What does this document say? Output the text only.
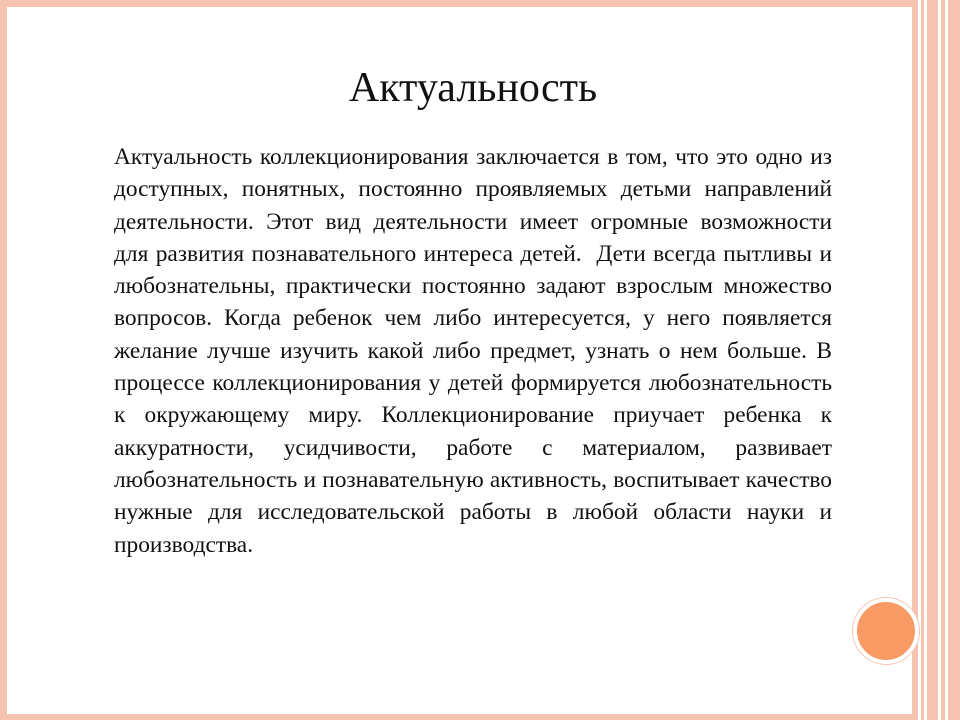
Актуальность

Актуальность коллекционирования заключается в том, что это одно из доступных, понятных, постоянно проявляемых детьми направлений деятельности. Этот вид деятельности имеет огромные возможности для развития познавательного интереса детей.  Дети всегда пытливы и любознательны, практически постоянно задают взрослым множество вопросов. Когда ребенок чем либо интересуется, у него появляется желание лучше изучить какой либо предмет, узнать о нем больше. В процессе коллекционирования у детей формируется любознательность к окружающему миру. Коллекционирование приучает ребенка к аккуратности, усидчивости, работе с материалом, развивает любознательность и познавательную активность, воспитывает качество нужные для исследовательской работы в любой области науки и производства.
